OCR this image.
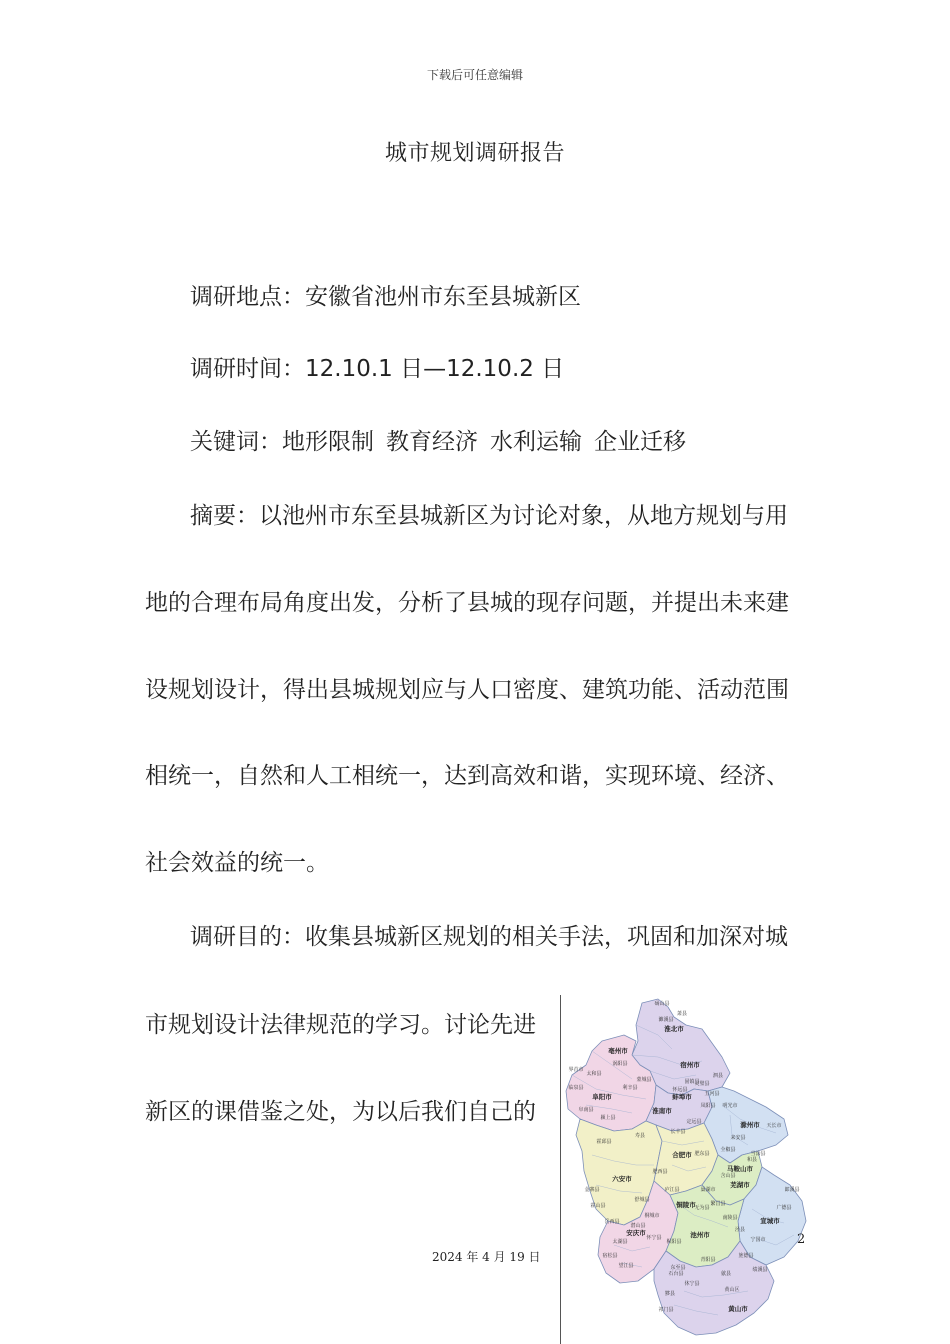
下载后可任意编辑
城市规划调研报告
调研地点：安徽省池州市东至县城新区
调研时间：12.10.1 日—12.10.2 日
关键词：地形限制 教育经济 水利运输 企业迁移
摘要：以池州市东至县城新区为讨论对象，从地方规划与用
地的合理布局角度出发，分析了县城的现存问题，并提出未来建
设规划设计，得出县城规划应与人口密度、建筑功能、活动范围
相统一，自然和人工相统一，达到高效和谐，实现环境、经济、
社会效益的统一。
调研目的：收集县城新区规划的相关手法，巩固和加深对城
市规划设计法律规范的学习。讨论先进
新区的课借鉴之处，为以后我们自己的
砀山县
萧县
濉溪县
涡阳县
蒙城县
利辛县
灵璧县
泗县
五河县
固镇县
怀远县
凤阳县
定远县
明光市
天长市
来安县
全椒县
界首市
太和县
临泉县
颍上县
阜南县
寿县
霍邱县
金寨县
霍山县
舒城县
肥西县
肥东县
长丰县
庐江县	巢湖市
含山县
和县
无为县
南陵县
繁昌县
当涂县
郎溪县
广德县
宁国市
泾县
旌德县
绩溪县
歙县
休宁县
黟县
祁门县
石台县
青阳县
东至县
望江县
宿松县
太湖县
潜山县
岳西县
怀宁县
桐城市
枞阳县
黄山区
亳州市
淮北市
宿州市
阜阳市	蚌埠市
淮南市
滁州市
六安市
合肥市
马鞍山市
芜湖市
铜陵市
安庆市	池州市
宣城市
黄山市
2
2024 年 4 月 19 日
